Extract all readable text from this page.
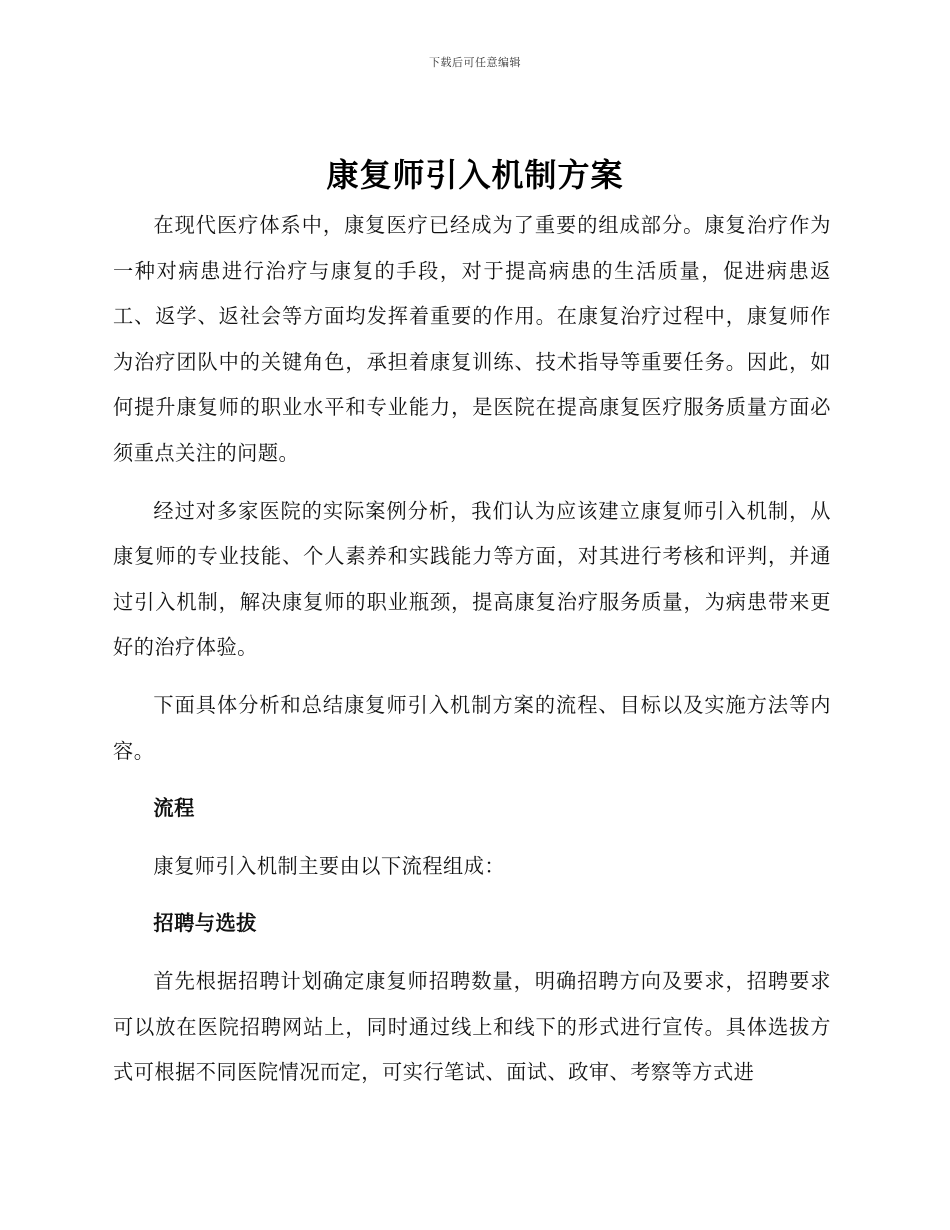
下载后可任意编辑
康复师引入机制方案

在现代医疗体系中，康复医疗已经成为了重要的组成部分。康复治疗作为一种对病患进行治疗与康复的手段，对于提高病患的生活质量，促进病患返工、返学、返社会等方面均发挥着重要的作用。在康复治疗过程中，康复师作为治疗团队中的关键角色，承担着康复训练、技术指导等重要任务。因此，如何提升康复师的职业水平和专业能力，是医院在提高康复医疗服务质量方面必须重点关注的问题。

经过对多家医院的实际案例分析，我们认为应该建立康复师引入机制，从康复师的专业技能、个人素养和实践能力等方面，对其进行考核和评判，并通过引入机制，解决康复师的职业瓶颈，提高康复治疗服务质量，为病患带来更好的治疗体验。

下面具体分析和总结康复师引入机制方案的流程、目标以及实施方法等内容。

流程

康复师引入机制主要由以下流程组成：

招聘与选拔

首先根据招聘计划确定康复师招聘数量，明确招聘方向及要求，招聘要求可以放在医院招聘网站上，同时通过线上和线下的形式进行宣传。具体选拔方式可根据不同医院情况而定，可实行笔试、面试、政审、考察等方式进
